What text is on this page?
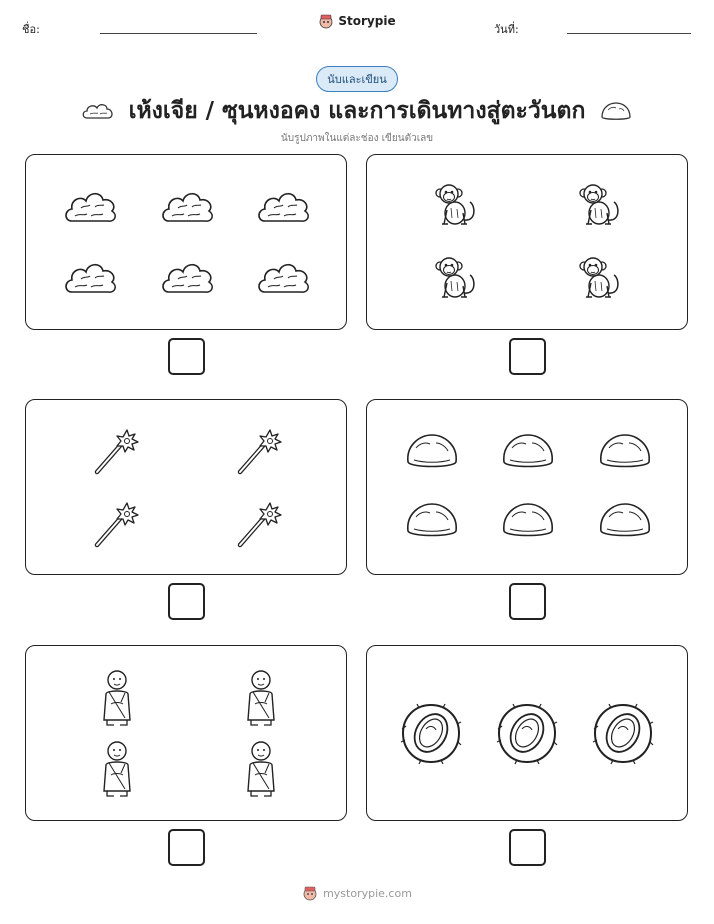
ชื่อ:
Storypie
วันที่:
นับและเขียน
เห้งเจีย / ซุนหงอคง และการเดินทางสู่ตะวันตก
นับรูปภาพในแต่ละช่อง เขียนตัวเลข
mystorypie.com
